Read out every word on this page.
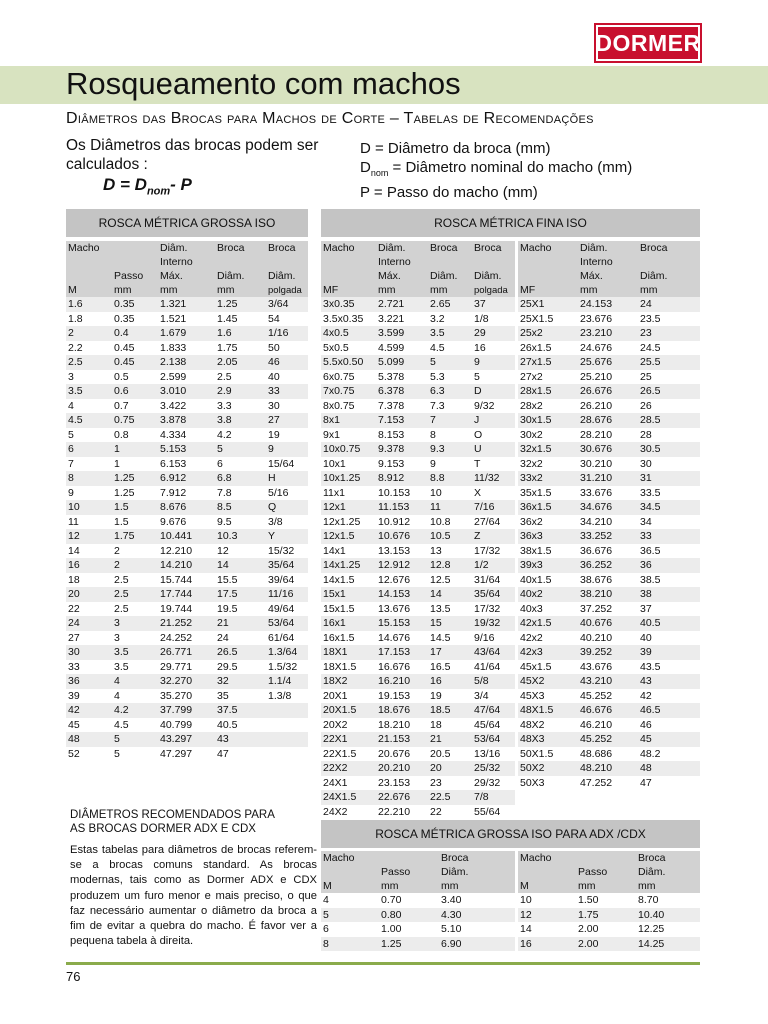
DORMER
Rosqueamento com machos
Diâmetros das Brocas para Machos de Corte – Tabelas de Recomendações
Os Diâmetros das brocas podem ser calculados :
$D = D_{nom}-$ P
D = Diâmetro da broca (mm)
$D_{nom}$ = Diâmetro nominal do macho (mm)
P = Passo do macho (mm)
ROSCA MÉTRICA GROSSA ISO	ROSCA MÉTRICA FINA ISO
ROSCA MÉTRICA GROSSA ISO PARA ADX /CDX
Macho		Diâm.	Broca	Broca
		Interno		
	Passo	Máx.	Diâm.	Diâm.
M	mm	mm	mm	polgada
1.6	0.35	1.321	1.25	3/64
1.8	0.35	1.521	1.45	54
2	0.4	1.679	1.6	1/16
2.2	0.45	1.833	1.75	50
2.5	0.45	2.138	2.05	46
3	0.5	2.599	2.5	40
3.5	0.6	3.010	2.9	33
4	0.7	3.422	3.3	30
4.5	0.75	3.878	3.8	27
5	0.8	4.334	4.2	19
6	1	5.153	5	9
7	1	6.153	6	15/64
8	1.25	6.912	6.8	H
9	1.25	7.912	7.8	5/16
10	1.5	8.676	8.5	Q
11	1.5	9.676	9.5	3/8
12	1.75	10.441	10.3	Y
14	2	12.210	12	15/32
16	2	14.210	14	35/64
18	2.5	15.744	15.5	39/64
20	2.5	17.744	17.5	11/16
22	2.5	19.744	19.5	49/64
24	3	21.252	21	53/64
27	3	24.252	24	61/64
30	3.5	26.771	26.5	1.3/64
33	3.5	29.771	29.5	1.5/32
36	4	32.270	32	1.1/4
39	4	35.270	35	1.3/8
42	4.2	37.799	37.5	
45	4.5	40.799	40.5	
48	5	43.297	43	
52	5	47.297	47	
Macho	Diâm.	Broca	Broca
	Interno		
	Máx.	Diâm.	Diâm.
MF	mm	mm	polgada
3x0.35	2.721	2.65	37
3.5x0.35	3.221	3.2	1/8
4x0.5	3.599	3.5	29
5x0.5	4.599	4.5	16
5.5x0.50	5.099	5	9
6x0.75	5.378	5.3	5
7x0.75	6.378	6.3	D
8x0.75	7.378	7.3	9/32
8x1	7.153	7	J
9x1	8.153	8	O
10x0.75	9.378	9.3	U
10x1	9.153	9	T
10x1.25	8.912	8.8	11/32
11x1	10.153	10	X
12x1	11.153	11	7/16
12x1.25	10.912	10.8	27/64
12x1.5	10.676	10.5	Z
14x1	13.153	13	17/32
14x1.25	12.912	12.8	1/2
14x1.5	12.676	12.5	31/64
15x1	14.153	14	35/64
15x1.5	13.676	13.5	17/32
16x1	15.153	15	19/32
16x1.5	14.676	14.5	9/16
18X1	17.153	17	43/64
18X1.5	16.676	16.5	41/64
18X2	16.210	16	5/8
20X1	19.153	19	3/4
20X1.5	18.676	18.5	47/64
20X2	18.210	18	45/64
22X1	21.153	21	53/64
22X1.5	20.676	20.5	13/16
22X2	20.210	20	25/32
24X1	23.153	23	29/32
24X1.5	22.676	22.5	7/8
24X2	22.210	22	55/64
Macho	Diâm.	Broca
	Interno	
	Máx.	Diâm.
MF	mm	mm
25X1	24.153	24
25X1.5	23.676	23.5
25x2	23.210	23
26x1.5	24.676	24.5
27x1.5	25.676	25.5
27x2	25.210	25
28x1.5	26.676	26.5
28x2	26.210	26
30x1.5	28.676	28.5
30x2	28.210	28
32x1.5	30.676	30.5
32x2	30.210	30
33x2	31.210	31
35x1.5	33.676	33.5
36x1.5	34.676	34.5
36x2	34.210	34
36x3	33.252	33
38x1.5	36.676	36.5
39x3	36.252	36
40x1.5	38.676	38.5
40x2	38.210	38
40x3	37.252	37
42x1.5	40.676	40.5
42x2	40.210	40
42x3	39.252	39
45x1.5	43.676	43.5
45X2	43.210	43
45X3	45.252	42
48X1.5	46.676	46.5
48X2	46.210	46
48X3	45.252	45
50X1.5	48.686	48.2
50X2	48.210	48
50X3	47.252	47
Macho		Broca
	Passo	Diâm.
M	mm	mm
4	0.70	3.40
5	0.80	4.30
6	1.00	5.10
8	1.25	6.90
Macho		Broca
	Passo	Diâm.
M	mm	mm
10	1.50	8.70
12	1.75	10.40
14	2.00	12.25
16	2.00	14.25
DIÂMETROS RECOMENDADOS PARA
AS BROCAS DORMER ADX E CDX
Estas tabelas para diâmetros de brocas referem-se a brocas comuns standard. As brocas modernas, tais como as Dormer ADX e CDX produzem um furo menor e mais preciso, o que faz necessário aumentar o diâmetro da broca a fim de evitar a quebra do macho. É favor ver a pequena tabela à direita.
76
